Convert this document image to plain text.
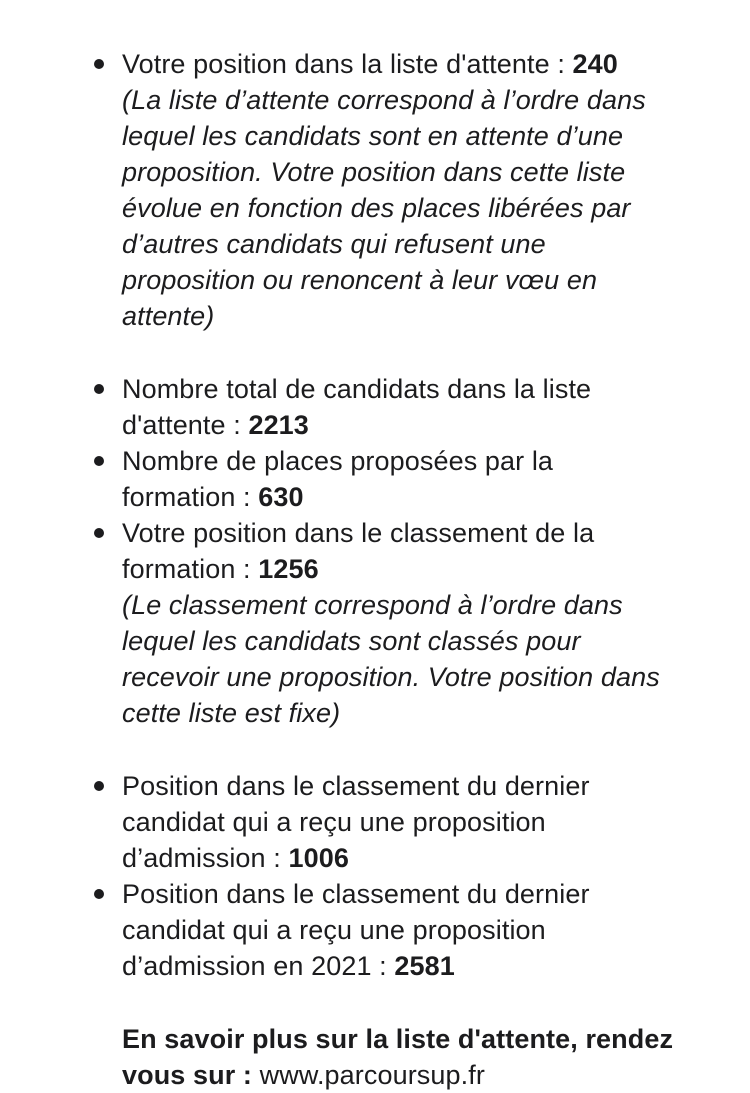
Votre position dans la liste d'attente : 240
(La liste d’attente correspond à l’ordre dans
lequel les candidats sont en attente d’une
proposition. Votre position dans cette liste
évolue en fonction des places libérées par
d’autres candidats qui refusent une
proposition ou renoncent à leur vœu en
attente)
Nombre total de candidats dans la liste
d'attente : 2213
Nombre de places proposées par la
formation : 630
Votre position dans le classement de la
formation : 1256
(Le classement correspond à l’ordre dans
lequel les candidats sont classés pour
recevoir une proposition. Votre position dans
cette liste est fixe)
Position dans le classement du dernier
candidat qui a reçu une proposition
d’admission : 1006
Position dans le classement du dernier
candidat qui a reçu une proposition
d’admission en 2021 : 2581
En savoir plus sur la liste d'attente, rendez
vous sur : www.parcoursup.fr
